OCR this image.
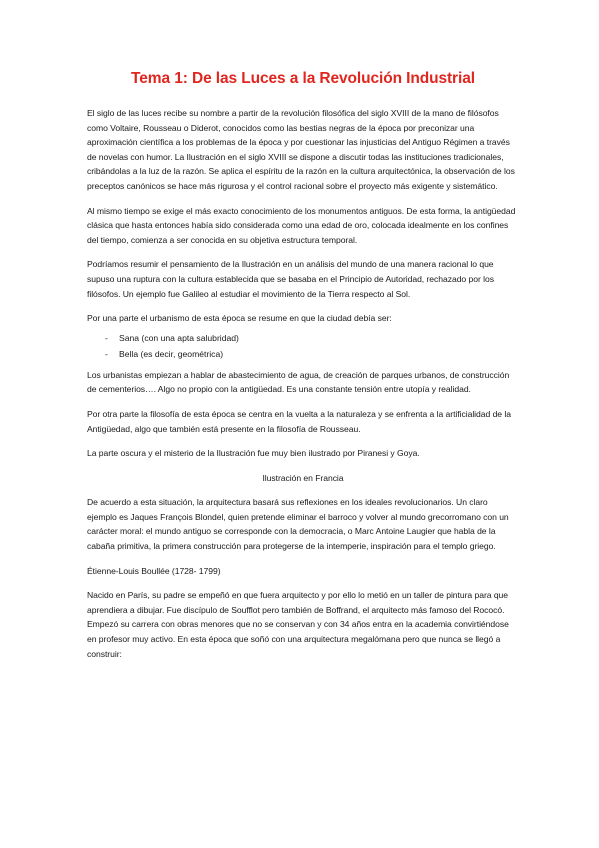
Tema 1: De las Luces a la Revolución Industrial

El siglo de las luces recibe su nombre a partir de la revolución filosófica del siglo XVIII de la mano de filósofos como Voltaire, Rousseau o Diderot, conocidos como las bestias negras de la época por preconizar una aproximación científica a los problemas de la época y por cuestionar las injusticias del Antiguo Régimen a través de novelas con humor. La Ilustración en el siglo XVIII se dispone a discutir todas las instituciones tradicionales, cribándolas a la luz de la razón. Se aplica el espíritu de la razón en la cultura arquitectónica, la observación de los preceptos canónicos se hace más rigurosa y el control racional sobre el proyecto más exigente y sistemático.

Al mismo tiempo se exige el más exacto conocimiento de los monumentos antiguos. De esta forma, la antigüedad clásica que hasta entonces había sido considerada como una edad de oro, colocada idealmente en los confines del tiempo, comienza a ser conocida en su objetiva estructura temporal.

Podríamos resumir el pensamiento de la Ilustración en un análisis del mundo de una manera racional lo que supuso una ruptura con la cultura establecida que se basaba en el Principio de Autoridad, rechazado por los filósofos. Un ejemplo fue Galileo al estudiar el movimiento de la Tierra respecto al Sol.

Por una parte el urbanismo de esta época se resume en que la ciudad debía ser:

- Sana (con una apta salubridad)
- Bella (es decir, geométrica)

Los urbanistas empiezan a hablar de abastecimiento de agua, de creación de parques urbanos, de construcción de cementerios…. Algo no propio con la antigüedad. Es una constante tensión entre utopía y realidad.

Por otra parte la filosofía de esta época se centra en la vuelta a la naturaleza y se enfrenta a la artificialidad de la Antigüedad, algo que también está presente en la filosofía de Rousseau.

La parte oscura y el misterio de la Ilustración fue muy bien ilustrado por Piranesi y Goya.

Ilustración en Francia

De acuerdo a esta situación, la arquitectura basará sus reflexiones en los ideales revolucionarios. Un claro ejemplo es Jaques François Blondel, quien pretende eliminar el barroco y volver al mundo grecorromano con un carácter moral: el mundo antiguo se corresponde con la democracia, o Marc Antoine Laugier que habla de la cabaña primitiva, la primera construcción para protegerse de la intemperie, inspiración para el templo griego.

Étienne-Louis Boullée (1728- 1799)

Nacido en París, su padre se empeñó en que fuera arquitecto y por ello lo metió en un taller de pintura para que aprendiera a dibujar. Fue discípulo de Soufflot pero también de Boffrand, el arquitecto más famoso del Rococó. Empezó su carrera con obras menores que no se conservan y con 34 años entra en la academia convirtiéndose en profesor muy activo. En esta época que soñó con una arquitectura megalómana pero que nunca se llegó a construir:
